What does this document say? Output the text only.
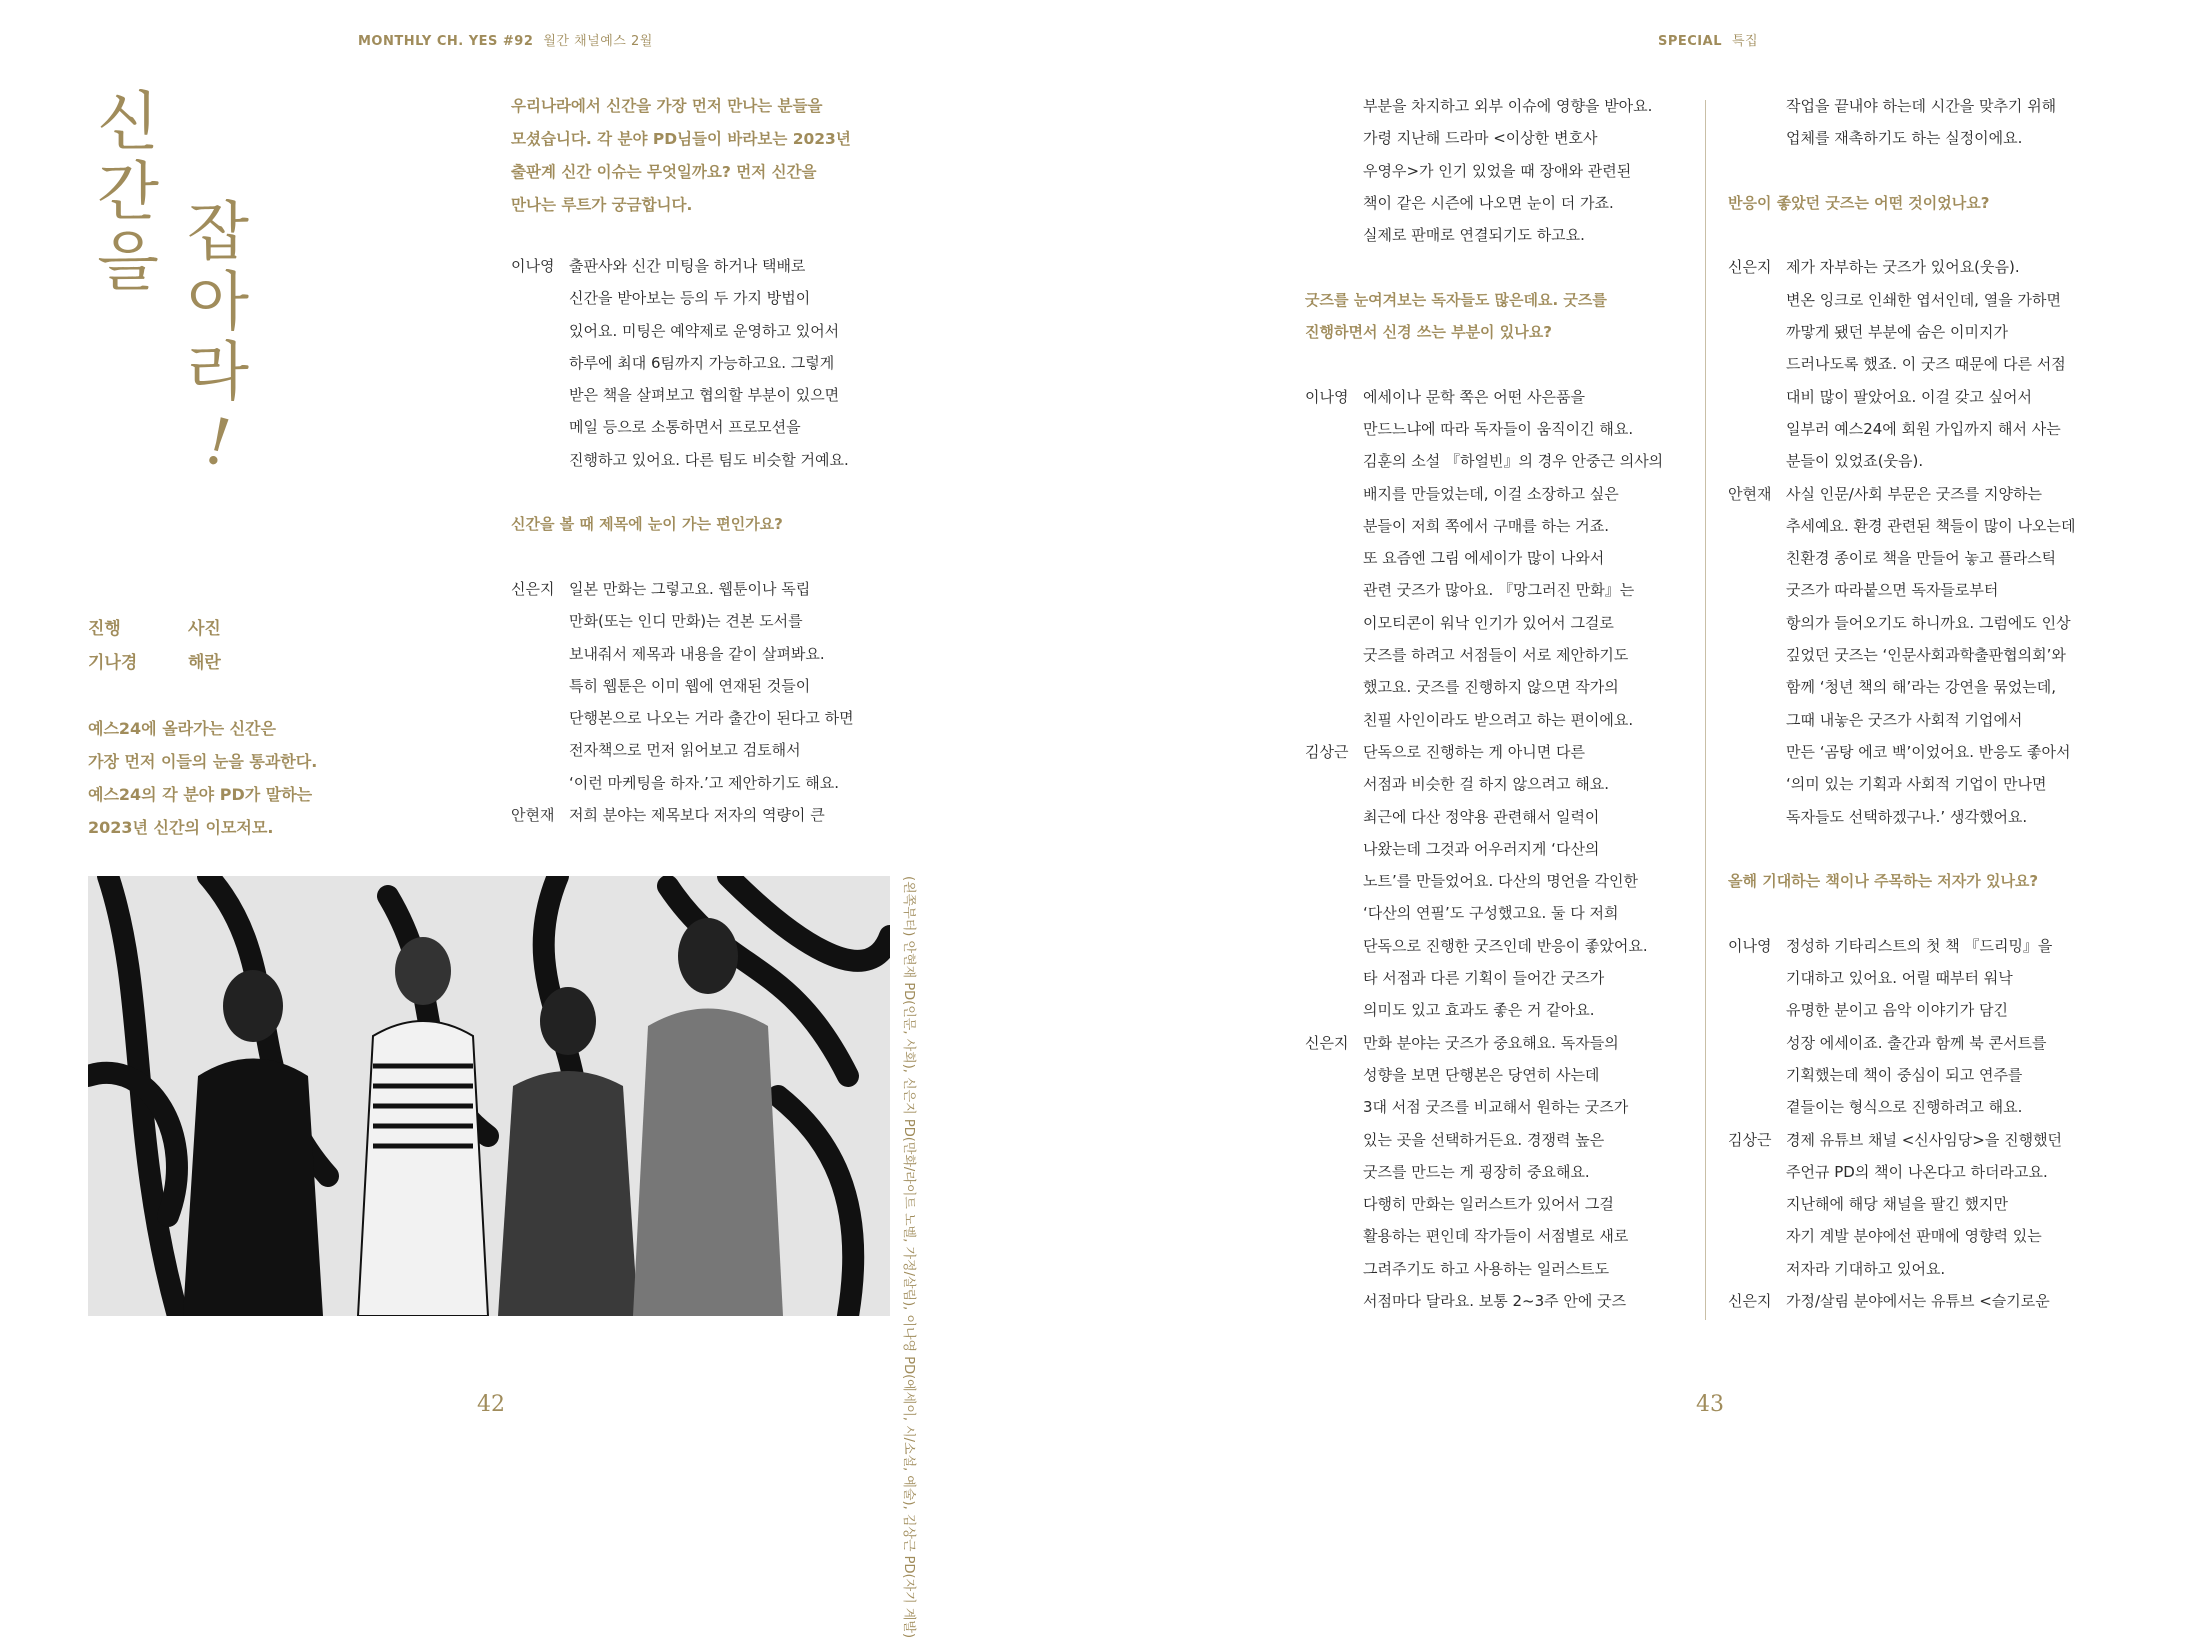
MONTHLY CH. YES #92 월간 채널예스 2월
신
간
을 잡
아
라
!
진행	사진
기나경	해란
예스24에 올라가는 신간은
가장 먼저 이들의 눈을 통과한다.
예스24의 각 분야 PD가 말하는
2023년 신간의 이모저모.
우리나라에서 신간을 가장 먼저 만나는 분들을
모셨습니다. 각 분야 PD님들이 바라보는 2023년
출판계 신간 이슈는 무엇일까요? 먼저 신간을
만나는 루트가 궁금합니다.
이나영 출판사와 신간 미팅을 하거나 택배로
신간을 받아보는 등의 두 가지 방법이
있어요. 미팅은 예약제로 운영하고 있어서
하루에 최대 6팀까지 가능하고요. 그렇게
받은 책을 살펴보고 협의할 부분이 있으면
메일 등으로 소통하면서 프로모션을
진행하고 있어요. 다른 팀도 비슷할 거예요.
신간을 볼 때 제목에 눈이 가는 편인가요?
신은지 일본 만화는 그렇고요. 웹툰이나 독립
만화(또는 인디 만화)는 견본 도서를
보내줘서 제목과 내용을 같이 살펴봐요.
특히 웹툰은 이미 웹에 연재된 것들이
단행본으로 나오는 거라 출간이 된다고 하면
전자책으로 먼저 읽어보고 검토해서
‘이런 마케팅을 하자.’고 제안하기도 해요.
안현재 저희 분야는 제목보다 저자의 역량이 큰
(왼쪽부터) 안현재 PD(인문, 사회), 신은지 PD(만화/라이트 노벨, 가정/살림), 이나영 PD(에세이, 시/소설, 예술), 김상근 PD(자기 계발)
42
SPECIAL 특집
부분을 차지하고 외부 이슈에 영향을 받아요.
가령 지난해 드라마 <이상한 변호사
우영우>가 인기 있었을 때 장애와 관련된
책이 같은 시즌에 나오면 눈이 더 가죠.
실제로 판매로 연결되기도 하고요.
굿즈를 눈여겨보는 독자들도 많은데요. 굿즈를
진행하면서 신경 쓰는 부분이 있나요?
이나영 에세이나 문학 쪽은 어떤 사은품을
만드느냐에 따라 독자들이 움직이긴 해요.
김훈의 소설 『하얼빈』의 경우 안중근 의사의
배지를 만들었는데, 이걸 소장하고 싶은
분들이 저희 쪽에서 구매를 하는 거죠.
또 요즘엔 그림 에세이가 많이 나와서
관련 굿즈가 많아요. 『망그러진 만화』는
이모티콘이 워낙 인기가 있어서 그걸로
굿즈를 하려고 서점들이 서로 제안하기도
했고요. 굿즈를 진행하지 않으면 작가의
친필 사인이라도 받으려고 하는 편이에요.
김상근 단독으로 진행하는 게 아니면 다른
서점과 비슷한 걸 하지 않으려고 해요.
최근에 다산 정약용 관련해서 일력이
나왔는데 그것과 어우러지게 ‘다산의
노트’를 만들었어요. 다산의 명언을 각인한
‘다산의 연필’도 구성했고요. 둘 다 저희
단독으로 진행한 굿즈인데 반응이 좋았어요.
타 서점과 다른 기획이 들어간 굿즈가
의미도 있고 효과도 좋은 거 같아요.
신은지 만화 분야는 굿즈가 중요해요. 독자들의
성향을 보면 단행본은 당연히 사는데
3대 서점 굿즈를 비교해서 원하는 굿즈가
있는 곳을 선택하거든요. 경쟁력 높은
굿즈를 만드는 게 굉장히 중요해요.
다행히 만화는 일러스트가 있어서 그걸
활용하는 편인데 작가들이 서점별로 새로
그려주기도 하고 사용하는 일러스트도
서점마다 달라요. 보통 2~3주 안에 굿즈
작업을 끝내야 하는데 시간을 맞추기 위해
업체를 재촉하기도 하는 실정이에요.
반응이 좋았던 굿즈는 어떤 것이었나요?
신은지 제가 자부하는 굿즈가 있어요(웃음).
변온 잉크로 인쇄한 엽서인데, 열을 가하면
까맣게 됐던 부분에 숨은 이미지가
드러나도록 했죠. 이 굿즈 때문에 다른 서점
대비 많이 팔았어요. 이걸 갖고 싶어서
일부러 예스24에 회원 가입까지 해서 사는
분들이 있었죠(웃음).
안현재 사실 인문/사회 부문은 굿즈를 지양하는
추세예요. 환경 관련된 책들이 많이 나오는데
친환경 종이로 책을 만들어 놓고 플라스틱
굿즈가 따라붙으면 독자들로부터
항의가 들어오기도 하니까요. 그럼에도 인상
깊었던 굿즈는 ‘인문사회과학출판협의회’와
함께 ‘청년 책의 해’라는 강연을 묶었는데,
그때 내놓은 굿즈가 사회적 기업에서
만든 ‘곰탕 에코 백’이었어요. 반응도 좋아서
‘의미 있는 기획과 사회적 기업이 만나면
독자들도 선택하겠구나.’ 생각했어요.
올해 기대하는 책이나 주목하는 저자가 있나요?
이나영 정성하 기타리스트의 첫 책 『드리밍』을
기대하고 있어요. 어릴 때부터 워낙
유명한 분이고 음악 이야기가 담긴
성장 에세이죠. 출간과 함께 북 콘서트를
기획했는데 책이 중심이 되고 연주를
곁들이는 형식으로 진행하려고 해요.
김상근 경제 유튜브 채널 <신사임당>을 진행했던
주언규 PD의 책이 나온다고 하더라고요.
지난해에 해당 채널을 팔긴 했지만
자기 계발 분야에선 판매에 영향력 있는
저자라 기대하고 있어요.
신은지 가정/살림 분야에서는 유튜브 <슬기로운
43
